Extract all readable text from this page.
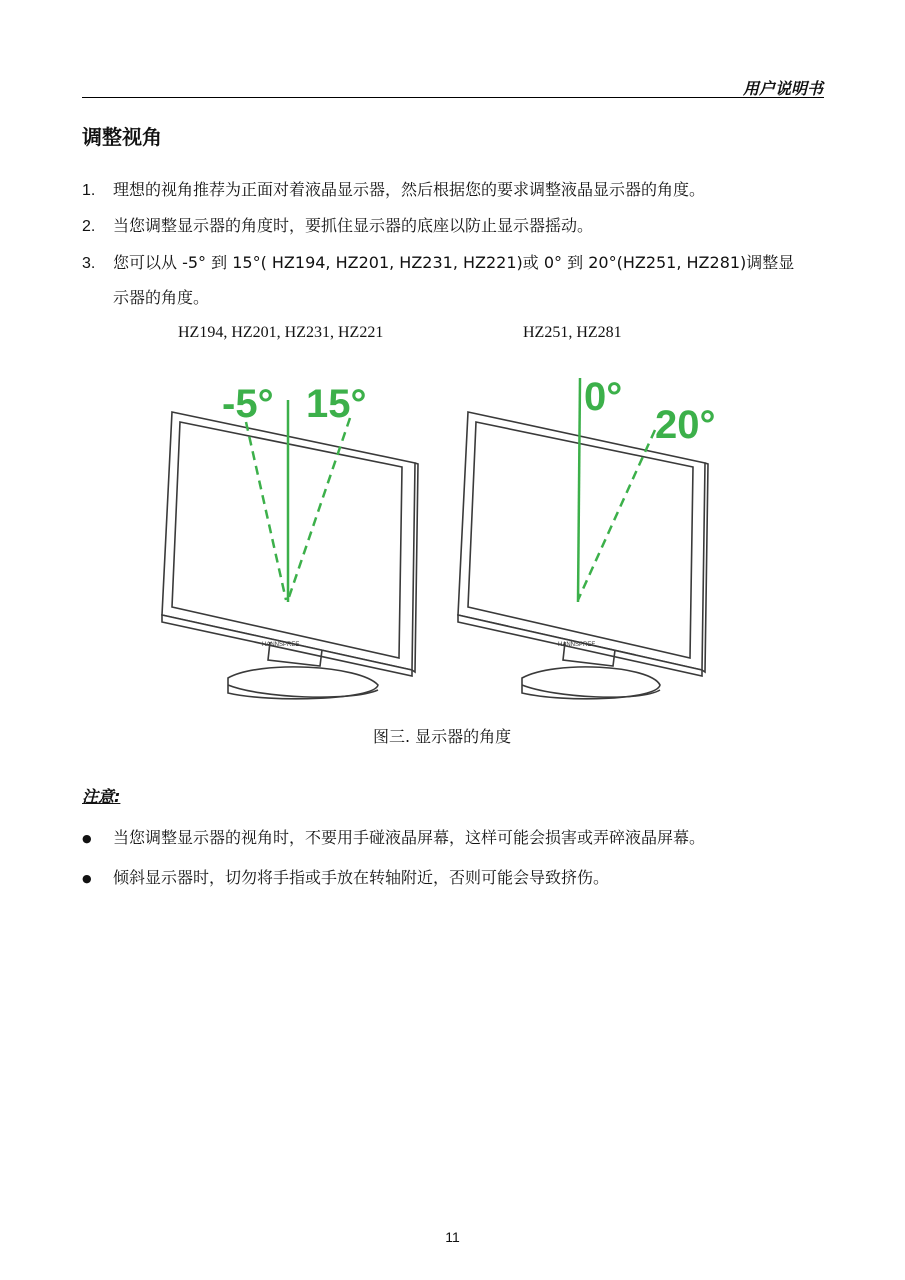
用户说明书
调整视角
1. 理想的视角推荐为正面对着液晶显示器，然后根据您的要求调整液晶显示器的角度。
2. 当您调整显示器的角度时，要抓住显示器的底座以防止显示器摇动。
3. 您可以从 -5° 到 15°( HZ194, HZ201, HZ231, HZ221)或 0° 到 20°(HZ251, HZ281)调整显
示器的角度。
HZ194, HZ201, HZ231, HZ221	HZ251, HZ281
HANNSPREE	HANNSPREE
-5° 15°	0°
20°
图三. 显示器的角度
注意:
● 当您调整显示器的视角时，不要用手碰液晶屏幕，这样可能会损害或弄碎液晶屏幕。
● 倾斜显示器时，切勿将手指或手放在转轴附近，否则可能会导致挤伤。
11
